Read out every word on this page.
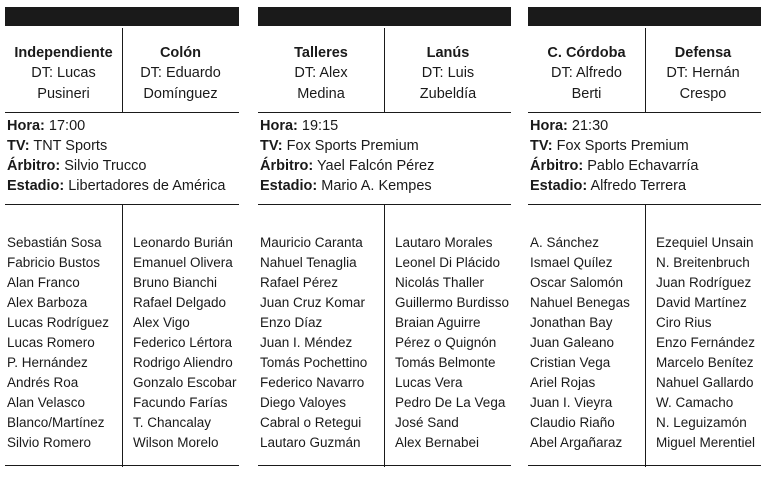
Independiente
DT: Lucas
Pusineri
Colón
DT: Eduardo
Domínguez
Hora: 17:00
TV: TNT Sports
Árbitro: Silvio Trucco
Estadio: Libertadores de América
Sebastián Sosa
Fabricio Bustos
Alan Franco
Alex Barboza
Lucas Rodríguez
Lucas Romero
P. Hernández
Andrés Roa
Alan Velasco
Blanco/Martínez
Silvio Romero
Leonardo Burián
Emanuel Olivera
Bruno Bianchi
Rafael Delgado
Alex Vigo
Federico Lértora
Rodrigo Aliendro
Gonzalo Escobar
Facundo Farías
T. Chancalay
Wilson Morelo
Talleres
DT: Alex
Medina
Lanús
DT: Luis
Zubeldía
Hora: 19:15
TV: Fox Sports Premium
Árbitro: Yael Falcón Pérez
Estadio: Mario A. Kempes
Mauricio Caranta
Nahuel Tenaglia
Rafael Pérez
Juan Cruz Komar
Enzo Díaz
Juan I. Méndez
Tomás Pochettino
Federico Navarro
Diego Valoyes
Cabral o Retegui
Lautaro Guzmán
Lautaro Morales
Leonel Di Plácido
Nicolás Thaller
Guillermo Burdisso
Braian Aguirre
Pérez o Quignón
Tomás Belmonte
Lucas Vera
Pedro De La Vega
José Sand
Alex Bernabei
C. Córdoba
DT: Alfredo
Berti
Defensa
DT: Hernán
Crespo
Hora: 21:30
TV: Fox Sports Premium
Árbitro: Pablo Echavarría
Estadio: Alfredo Terrera
A. Sánchez
Ismael Quílez
Oscar Salomón
Nahuel Benegas
Jonathan Bay
Juan Galeano
Cristian Vega
Ariel Rojas
Juan I. Vieyra
Claudio Riaño
Abel Argañaraz
Ezequiel Unsain
N. Breitenbruch
Juan Rodríguez
David Martínez
Ciro Rius
Enzo Fernández
Marcelo Benítez
Nahuel Gallardo
W. Camacho
N. Leguizamón
Miguel Merentiel
